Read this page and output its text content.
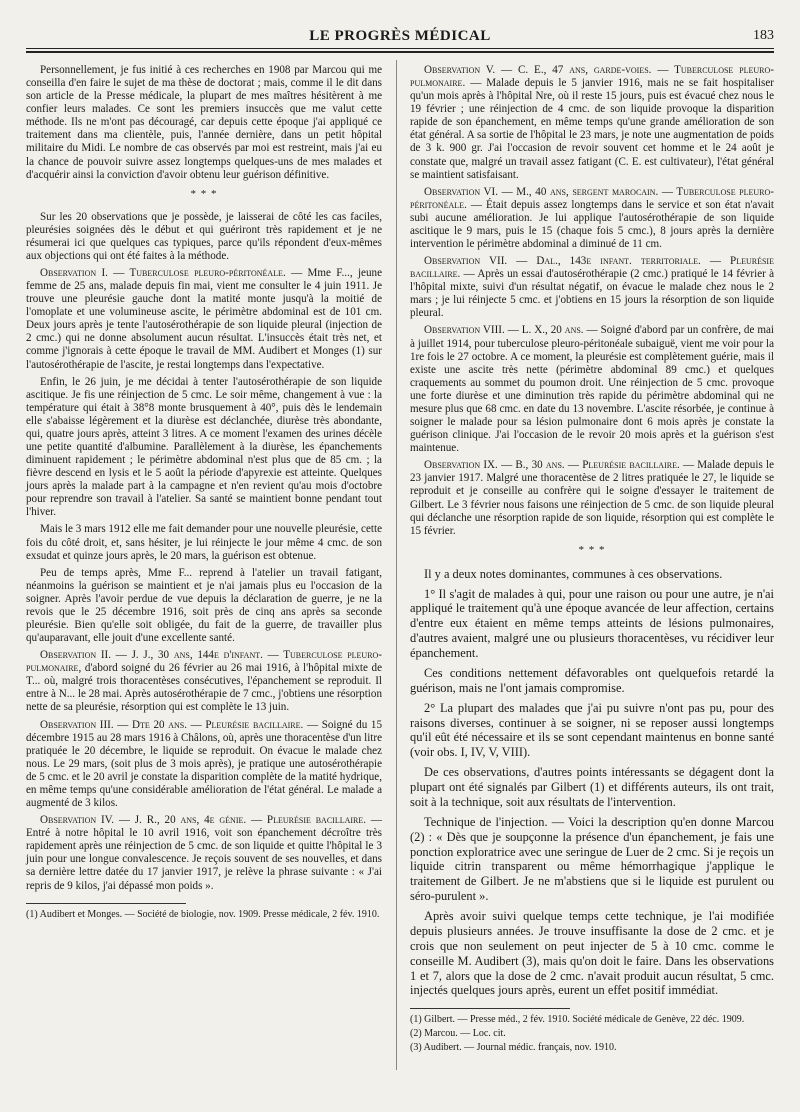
LE PROGRÈS MÉDICAL	183

Personnellement, je fus initié à ces recherches en 1908 par Marcou qui me conseilla d'en faire le sujet de ma thèse de doctorat ; mais, comme il le dit dans son article de la Presse médicale, la plupart de mes maîtres hésitèrent à me confier leurs malades. Ce sont les premiers insuccès que me valut cette méthode. Ils ne m'ont pas découragé, car depuis cette époque j'ai appliqué ce traitement dans ma clientèle, puis, l'année dernière, dans un petit hôpital militaire du Midi. Le nombre de cas observés par moi est restreint, mais j'ai eu la chance de pouvoir suivre assez longtemps quelques-uns de mes malades et d'acquérir ainsi la conviction d'avoir obtenu leur guérison définitive.

* * *

Sur les 20 observations que je possède, je laisserai de côté les cas faciles, pleurésies soignées dès le début et qui guériront très rapidement et je ne résumerai ici que quelques cas typiques, parce qu'ils répondent d'eux-mêmes aux objections qui ont été faites à la méthode.

Observation I. — Tuberculose pleuro-péritonéale. — Mme F..., jeune femme de 25 ans, malade depuis fin mai, vient me consulter le 4 juin 1911. Je trouve une pleurésie gauche dont la matité monte jusqu'à la moitié de l'omoplate et une volumineuse ascite, le périmètre abdominal est de 101 cm. Deux jours après je tente l'autosérothérapie de son liquide pleural (injection de 2 cmc.) qui ne donne absolument aucun résultat. L'insuccès était très net, et comme j'ignorais à cette époque le travail de MM. Audibert et Monges (1) sur l'autosérothérapie de l'ascite, je restai longtemps dans l'expectative.

Enfin, le 26 juin, je me décidai à tenter l'autosérothérapie de son liquide ascitique. Je fis une réinjection de 5 cmc. Le soir même, changement à vue : la température qui était à 38°8 monte brusquement à 40°, puis dès le lendemain elle s'abaisse légèrement et la diurèse est déclanchée, diurèse très abondante, qui, quatre jours après, atteint 3 litres. A ce moment l'examen des urines décèle une petite quantité d'albumine. Parallèlement à la diurèse, les épanchements diminuent rapidement ; le périmètre abdominal n'est plus que de 85 cm. ; la fièvre descend en lysis et le 5 août la période d'apyrexie est atteinte. Quelques jours après la malade part à la campagne et n'en revient qu'au mois d'octobre pour reprendre son travail à l'atelier. Sa santé se maintient bonne pendant tout l'hiver.

Mais le 3 mars 1912 elle me fait demander pour une nouvelle pleurésie, cette fois du côté droit, et, sans hésiter, je lui réinjecte le jour même 4 cmc. de son exsudat et quinze jours après, le 20 mars, la guérison est obtenue.

Peu de temps après, Mme F... reprend à l'atelier un travail fatigant, néanmoins la guérison se maintient et je n'ai jamais plus eu l'occasion de la soigner. Après l'avoir perdue de vue depuis la déclaration de guerre, je ne la revois que le 25 décembre 1916, soit près de cinq ans après sa seconde pleurésie. Bien qu'elle soit obligée, du fait de la guerre, de travailler plus qu'auparavant, elle jouit d'une excellente santé.

Observation II. — J. J., 30 ans, 144e d'infant. — Tuberculose pleuro-pulmonaire, d'abord soigné du 26 février au 26 mai 1916, à l'hôpital mixte de T... où, malgré trois thoracentèses consécutives, l'épanchement se reproduit. Il entre à N... le 28 mai. Après autosérothérapie de 7 cmc., j'obtiens une résorption nette de sa pleurésie, résorption qui est complète le 13 juin.

Observation III. — Dte 20 ans. — Pleurésie bacillaire. — Soigné du 15 décembre 1915 au 28 mars 1916 à Châlons, où, après une thoracentèse d'un litre pratiquée le 20 décembre, le liquide se reproduit. On évacue le malade chez nous. Le 29 mars, (soit plus de 3 mois après), je pratique une autosérothérapie de 5 cmc. et le 20 avril je constate la disparition complète de la matité hydrique, en même temps qu'une considérable amélioration de l'état général. Le malade a augmenté de 3 kilos.

Observation IV. — J. R., 20 ans, 4e génie. — Pleurésie bacillaire. — Entré à notre hôpital le 10 avril 1916, voit son épanchement décroître très rapidement après une réinjection de 5 cmc. de son liquide et quitte l'hôpital le 3 juin pour une longue convalescence. Je reçois souvent de ses nouvelles, et dans sa dernière lettre datée du 17 janvier 1917, je relève la phrase suivante : « J'ai repris de 9 kilos, j'ai dépassé mon poids ».

(1) Audibert et Monges. — Société de biologie, nov. 1909. Presse médicale, 2 fév. 1910.

Observation V. — C. E., 47 ans, garde-voies. — Tuberculose pleuro-pulmonaire. — Malade depuis le 5 janvier 1916, mais ne se fait hospitaliser qu'un mois après à l'hôpital Nre, où il reste 15 jours, puis est évacué chez nous le 19 février ; une réinjection de 4 cmc. de son liquide provoque la disparition rapide de son épanchement, en même temps qu'une grande amélioration de son état général. A sa sortie de l'hôpital le 23 mars, je note une augmentation de poids de 3 k. 900 gr. J'ai l'occasion de revoir souvent cet homme et le 24 août je constate que, malgré un travail assez fatigant (C. E. est cultivateur), l'état général se maintient satisfaisant.

Observation VI. — M., 40 ans, sergent marocain. — Tuberculose pleuro-péritonéale. — Était depuis assez longtemps dans le service et son état n'avait subi aucune amélioration. Je lui applique l'autosérothérapie de son liquide ascitique le 9 mars, puis le 15 (chaque fois 5 cmc.), 8 jours après la dernière intervention le périmètre abdominal a diminué de 11 cm.

Observation VII. — Dal., 143e infant. territoriale. — Pleurésie bacillaire. — Après un essai d'autosérothérapie (2 cmc.) pratiqué le 14 février à l'hôpital mixte, suivi d'un résultat négatif, on évacue le malade chez nous le 2 mars ; je lui réinjecte 5 cmc. et j'obtiens en 15 jours la résorption de son liquide pleural.

Observation VIII. — L. X., 20 ans. — Soigné d'abord par un confrère, de mai à juillet 1914, pour tuberculose pleuro-péritonéale subaiguë, vient me voir pour la 1re fois le 27 octobre. A ce moment, la pleurésie est complètement guérie, mais il existe une ascite très nette (périmètre abdominal 89 cmc.) et quelques craquements au sommet du poumon droit. Une réinjection de 5 cmc. provoque une forte diurèse et une diminution très rapide du périmètre abdominal qui ne mesure plus que 68 cmc. en date du 13 novembre. L'ascite résorbée, je continue à soigner le malade pour sa lésion pulmonaire dont 6 mois après je constate la guérison clinique. J'ai l'occasion de le revoir 20 mois après et la guérison s'est maintenue.

Observation IX. — B., 30 ans. — Pleurésie bacillaire. — Malade depuis le 23 janvier 1917. Malgré une thoracentèse de 2 litres pratiquée le 27, le liquide se reproduit et je conseille au confrère qui le soigne d'essayer le traitement de Gilbert. Le 3 février nous faisons une réinjection de 5 cmc. de son liquide pleural qui déclanche une résorption rapide de son liquide, résorption qui est complète le 15 février.

* * *

Il y a deux notes dominantes, communes à ces observations.

1° Il s'agit de malades à qui, pour une raison ou pour une autre, je n'ai appliqué le traitement qu'à une époque avancée de leur affection, certains d'entre eux étaient en même temps atteints de lésions pulmonaires, d'autres avaient, malgré une ou plusieurs thoracentèses, vu récidiver leur épanchement.

Ces conditions nettement défavorables ont quelquefois retardé la guérison, mais ne l'ont jamais compromise.

2° La plupart des malades que j'ai pu suivre n'ont pas pu, pour des raisons diverses, continuer à se soigner, ni se reposer aussi longtemps qu'il eût été nécessaire et ils se sont cependant maintenus en bonne santé (voir obs. I, IV, V, VIII).

De ces observations, d'autres points intéressants se dégagent dont la plupart ont été signalés par Gilbert (1) et différents auteurs, ils ont trait, soit à la technique, soit aux résultats de l'intervention.

Technique de l'injection. — Voici la description qu'en donne Marcou (2) : « Dès que je soupçonne la présence d'un épanchement, je fais une ponction exploratrice avec une seringue de Luer de 2 cmc. Si je reçois un liquide citrin transparent ou même hémorrhagique j'applique le traitement de Gilbert. Je ne m'abstiens que si le liquide est purulent ou séro-purulent ».

Après avoir suivi quelque temps cette technique, je l'ai modifiée depuis plusieurs années. Je trouve insuffisante la dose de 2 cmc. et je crois que non seulement on peut injecter de 5 à 10 cmc. comme le conseille M. Audibert (3), mais qu'on doit le faire. Dans les observations 1 et 7, alors que la dose de 2 cmc. n'avait produit aucun résultat, 5 cmc. injectés quelques jours après, eurent un effet positif immédiat.

(1) Gilbert. — Presse méd., 2 fév. 1910. Société médicale de Genève, 22 déc. 1909.

(2) Marcou. — Loc. cit.

(3) Audibert. — Journal médic. français, nov. 1910.
